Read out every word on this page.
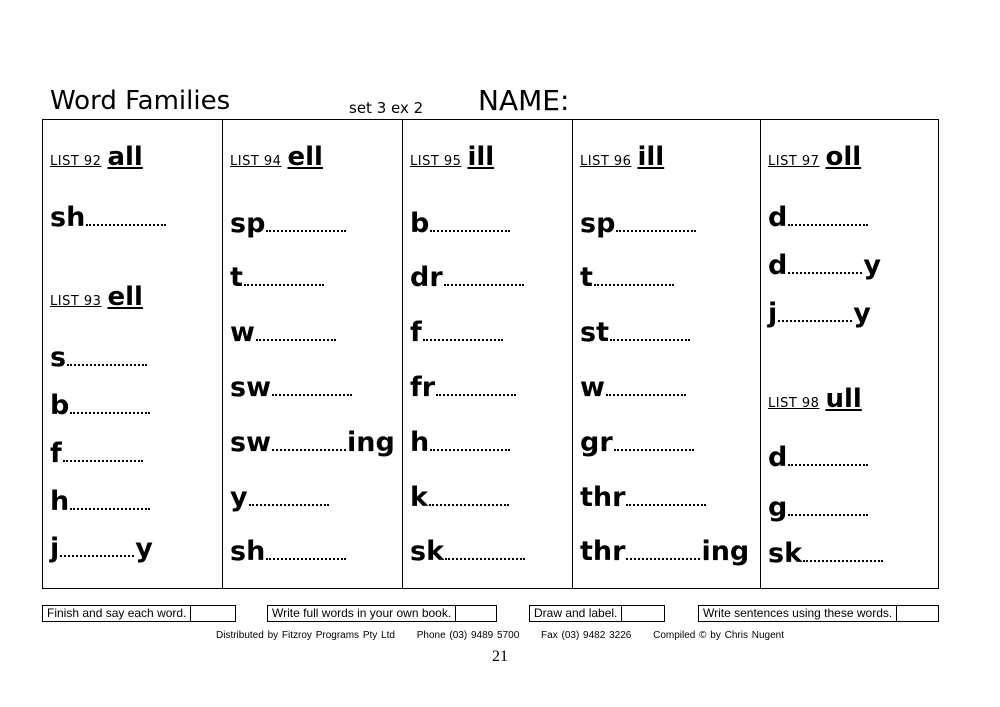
Word Families	set 3 ex 2 NAME:
LIST 92 all
sh
LIST 93 ell
s
b
f
h
j	y
LIST 94 ell
sp
t
w
sw
sw	ing
y
sh
LIST 95 ill
b
dr
f
fr
h
k
sk
LIST 96 ill
sp
t
st
w
gr
thr
thr	ing
LIST 97 oll
d
d	y
j	y
LIST 98 ull
d
g
sk
Finish and say each word.	Write full words in your own book.	Draw and label.	Write sentences using these words.
Distributed by Fitzroy Programs Pty Ltd Phone (03) 9489 5700 Fax (03) 9482 3226 Compiled © by Chris Nugent
21
